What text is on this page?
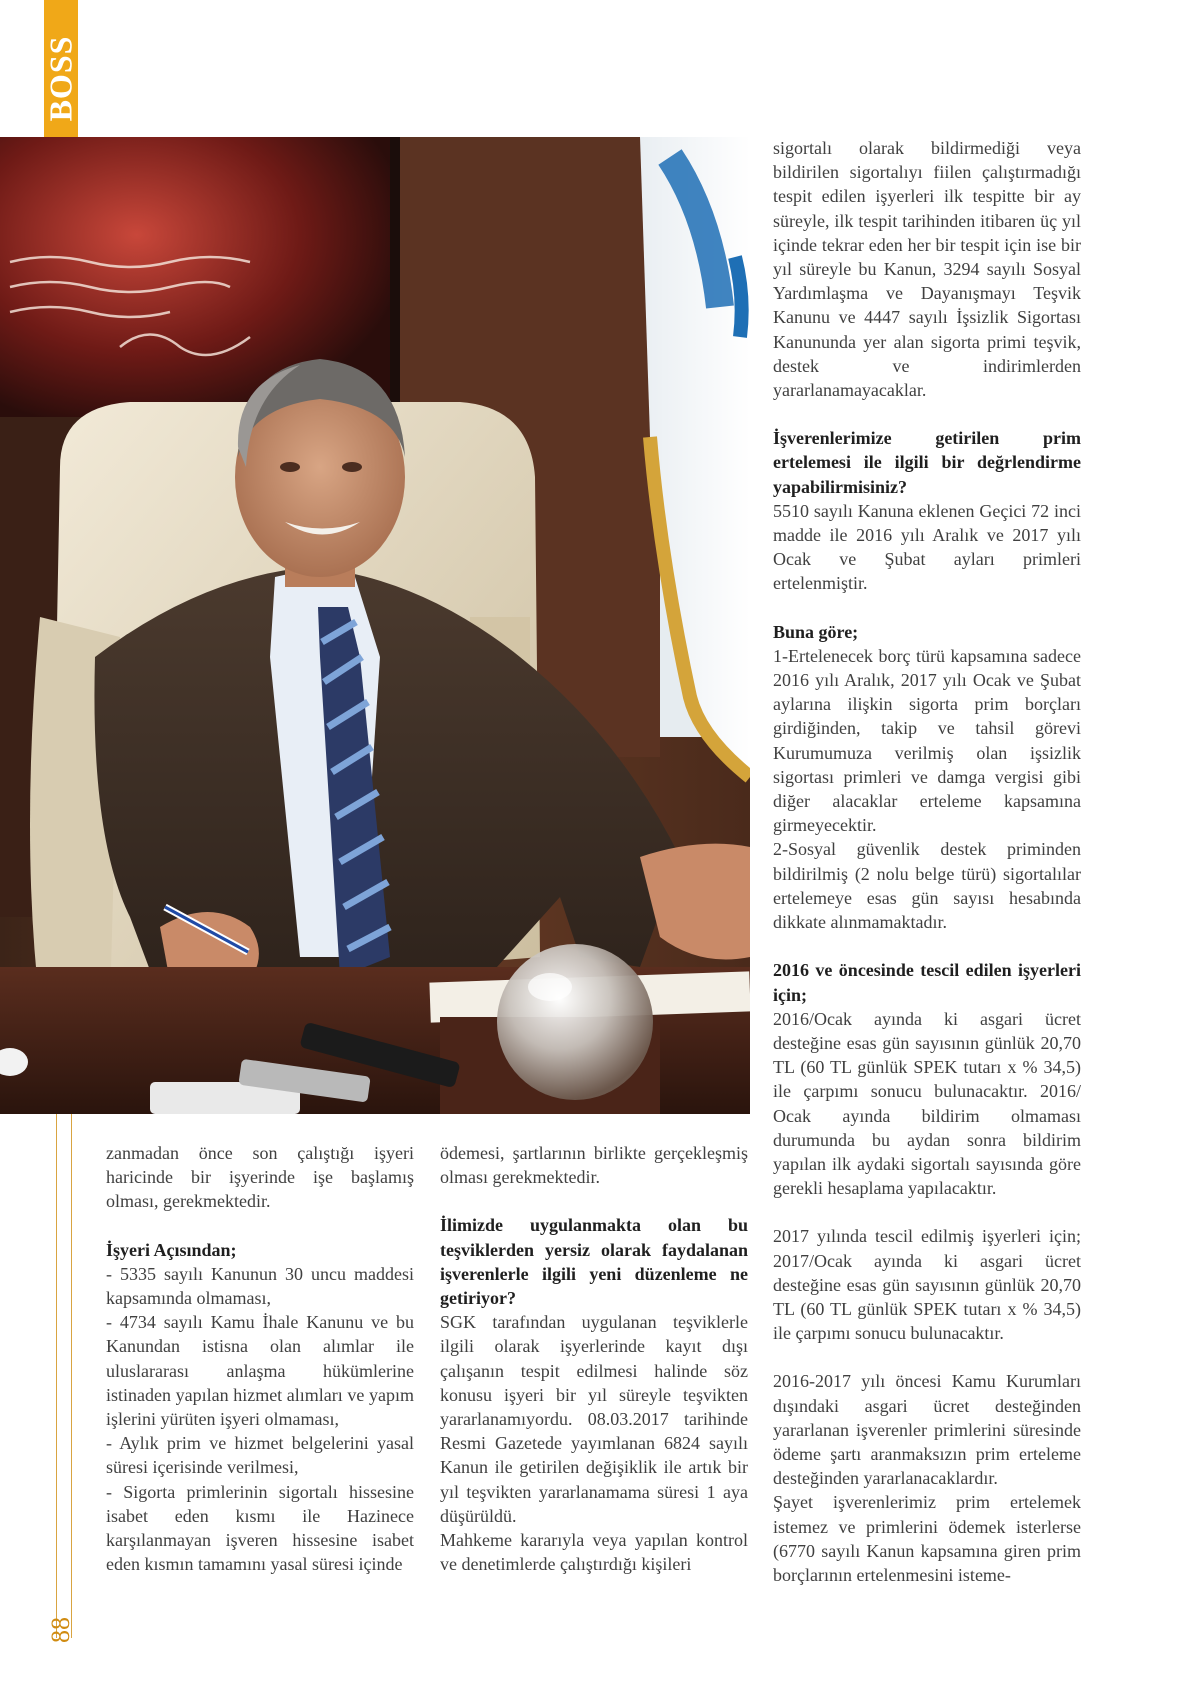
BOSS
88

sigortalı olarak bildirmediği veya bildirilen sigortalıyı fiilen çalıştırmadığı tespit edilen işyerleri ilk tespitte bir ay süreyle, ilk tespit tarihinden itibaren üç yıl içinde tekrar eden her bir tespit için ise bir yıl süreyle bu Kanun, 3294 sayılı Sosyal Yardımlaşma ve Dayanışmayı Teşvik Kanunu ve 4447 sayılı İşsizlik Sigortası Kanununda yer alan sigorta primi teşvik, destek ve indirimlerden yararlanamayacaklar.

İşverenlerimize getirilen prim ertelemesi ile ilgili bir değrlendirme yapabilirmisiniz?

5510 sayılı Kanuna eklenen Geçici 72 inci madde ile 2016 yılı Aralık ve 2017 yılı Ocak ve Şubat ayları primleri ertelenmiştir.

Buna göre;

1-Ertelenecek borç türü kapsamına sadece 2016 yılı Aralık, 2017 yılı Ocak ve Şubat aylarına ilişkin sigorta prim borçları girdiğinden, takip ve tahsil görevi Kurumumuza verilmiş olan işsizlik sigortası primleri ve damga vergisi gibi diğer alacaklar erteleme kapsamına girmeyecektir.

2-Sosyal güvenlik destek priminden bildirilmiş (2 nolu belge türü) sigortalılar ertelemeye esas gün sayısı hesabında dikkate alınmamaktadır.

2016 ve öncesinde tescil edilen işyerleri için;

2016/Ocak ayında ki asgari ücret desteğine esas gün sayısının günlük 20,70 TL (60 TL günlük SPEK tutarı x % 34,5) ile çarpımı sonucu bulunacaktır. 2016/ Ocak ayında bildirim olmaması durumunda bu aydan sonra bildirim yapılan ilk aydaki sigortalı sayısında göre gerekli hesaplama yapılacaktır.

2017 yılında tescil edilmiş işyerleri için; 2017/Ocak ayında ki asgari ücret desteğine esas gün sayısının günlük 20,70 TL (60 TL günlük SPEK tutarı x % 34,5) ile çarpımı sonucu bulunacaktır.

2016-2017 yılı öncesi Kamu Kurumları dışındaki asgari ücret desteğinden yararlanan işverenler primlerini süresinde ödeme şartı aranmaksızın prim erteleme desteğinden yararlanacaklardır.

Şayet işverenlerimiz prim ertelemek istemez ve primlerini ödemek isterlerse (6770 sayılı Kanun kapsamına giren prim borçlarının ertelenmesini isteme-

zanmadan önce son çalıştığı işyeri haricinde bir işyerinde işe başlamış olması, gerekmektedir.

İşyeri Açısından;

- 5335 sayılı Kanunun 30 uncu maddesi kapsamında olmaması,

- 4734 sayılı Kamu İhale Kanunu ve bu Kanundan istisna olan alımlar ile uluslararası anlaşma hükümlerine istinaden yapılan hizmet alımları ve yapım işlerini yürüten işyeri olmaması,

- Aylık prim ve hizmet belgelerini yasal süresi içerisinde verilmesi,

- Sigorta primlerinin sigortalı hissesine isabet eden kısmı ile Hazinece karşılanmayan işveren hissesine isabet eden kısmın tamamını yasal süresi içinde

ödemesi, şartlarının birlikte gerçekleşmiş olması gerekmektedir.

İlimizde uygulanmakta olan bu teşviklerden yersiz olarak faydalanan işverenlerle ilgili yeni düzenleme ne getiriyor?

SGK tarafından uygulanan teşviklerle ilgili olarak işyerlerinde kayıt dışı çalışanın tespit edilmesi halinde söz konusu işyeri bir yıl süreyle teşvikten yararlanamıyordu. 08.03.2017 tarihinde Resmi Gazetede yayımlanan 6824 sayılı Kanun ile getirilen değişiklik ile artık bir yıl teşvikten yararlanamama süresi 1 aya düşürüldü.

Mahkeme kararıyla veya yapılan kontrol ve denetimlerde çalıştırdığı kişileri
